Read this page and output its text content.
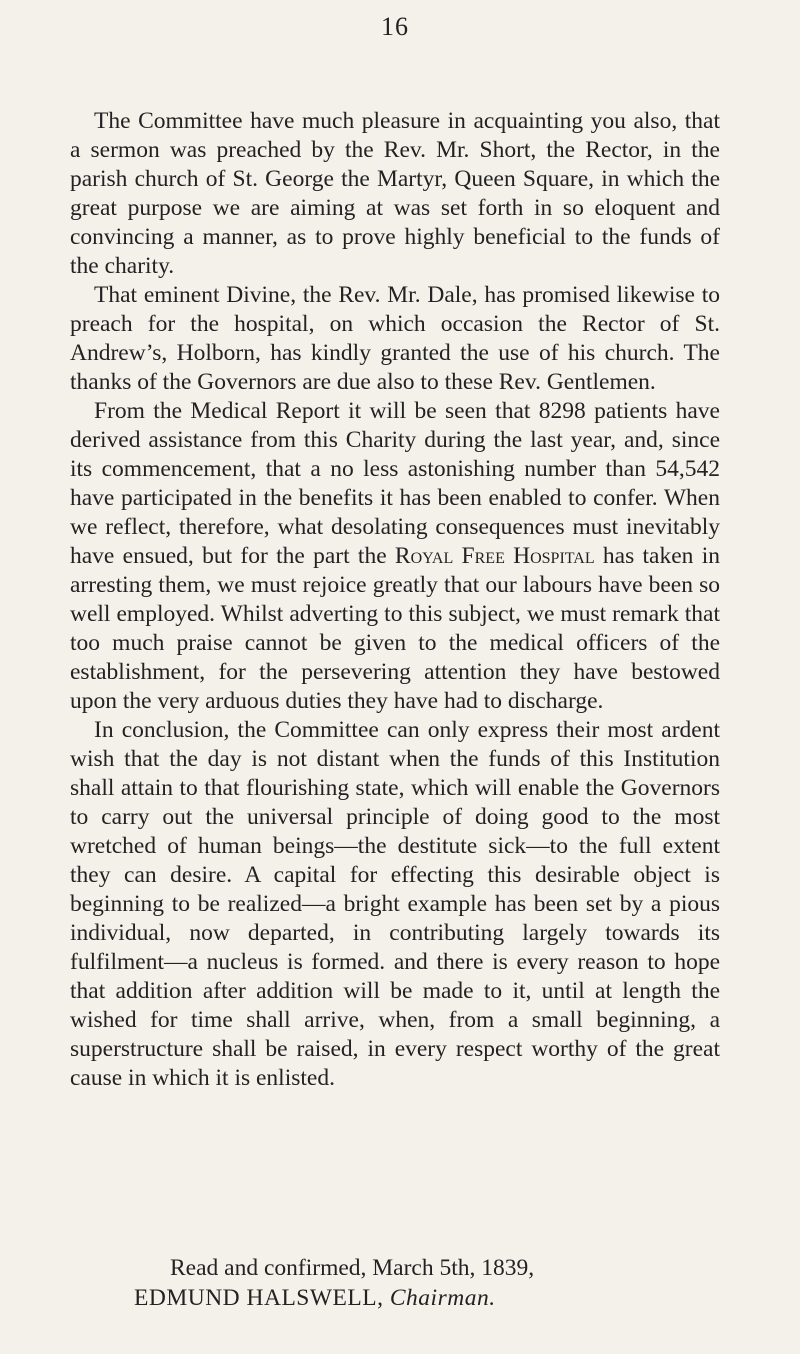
16

The Committee have much pleasure in acquainting you also, that a sermon was preached by the Rev. Mr. Short, the Rector, in the parish church of St. George the Martyr, Queen Square, in which the great purpose we are aiming at was set forth in so eloquent and convincing a manner, as to prove highly beneficial to the funds of the charity.

That eminent Divine, the Rev. Mr. Dale, has promised likewise to preach for the hospital, on which occasion the Rector of St. Andrew’s, Holborn, has kindly granted the use of his church. The thanks of the Governors are due also to these Rev. Gentlemen.

From the Medical Report it will be seen that 8298 patients have derived assistance from this Charity during the last year, and, since its commencement, that a no less astonishing number than 54,542 have participated in the benefits it has been enabled to confer. When we reflect, therefore, what desolating consequences must inevitably have ensued, but for the part the Royal Free Hospital has taken in arresting them, we must rejoice greatly that our labours have been so well employed. Whilst adverting to this subject, we must remark that too much praise cannot be given to the medical officers of the establishment, for the persevering attention they have bestowed upon the very arduous duties they have had to discharge.

In conclusion, the Committee can only express their most ardent wish that the day is not distant when the funds of this Institution shall attain to that flourishing state, which will enable the Governors to carry out the universal principle of doing good to the most wretched of human beings—the destitute sick—to the full extent they can desire. A capital for effecting this desirable object is beginning to be realized—a bright example has been set by a pious individual, now departed, in contributing largely towards its fulfilment—a nucleus is formed. and there is every reason to hope that addition after addition will be made to it, until at length the wished for time shall arrive, when, from a small beginning, a superstructure shall be raised, in every respect worthy of the great cause in which it is enlisted.

Read and confirmed, March 5th, 1839,
EDMUND HALSWELL, Chairman.
